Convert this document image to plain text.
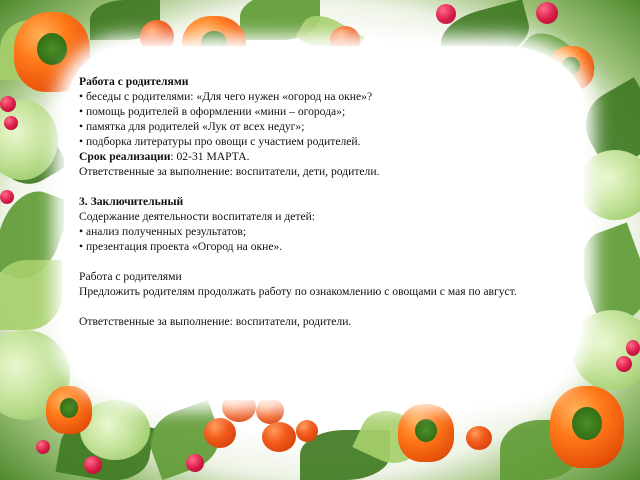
Работа с родителями

• беседы с родителями: «Для чего нужен «огород на окне»?

• помощь родителей в оформлении «мини – огорода»;

• памятка для родителей «Лук от всех недуг»;

• подборка литературы про овощи с участием родителей.

Срок реализации: 02-31 МАРТА.

Ответственные за выполнение: воспитатели, дети, родители.

3. Заключительный

Содержание деятельности воспитателя и детей:

• анализ полученных результатов;

• презентация проекта «Огород на окне».

Работа с родителями

Предложить родителям продолжать работу по ознакомлению с овощами с мая по август.

Ответственные за выполнение: воспитатели, родители.
